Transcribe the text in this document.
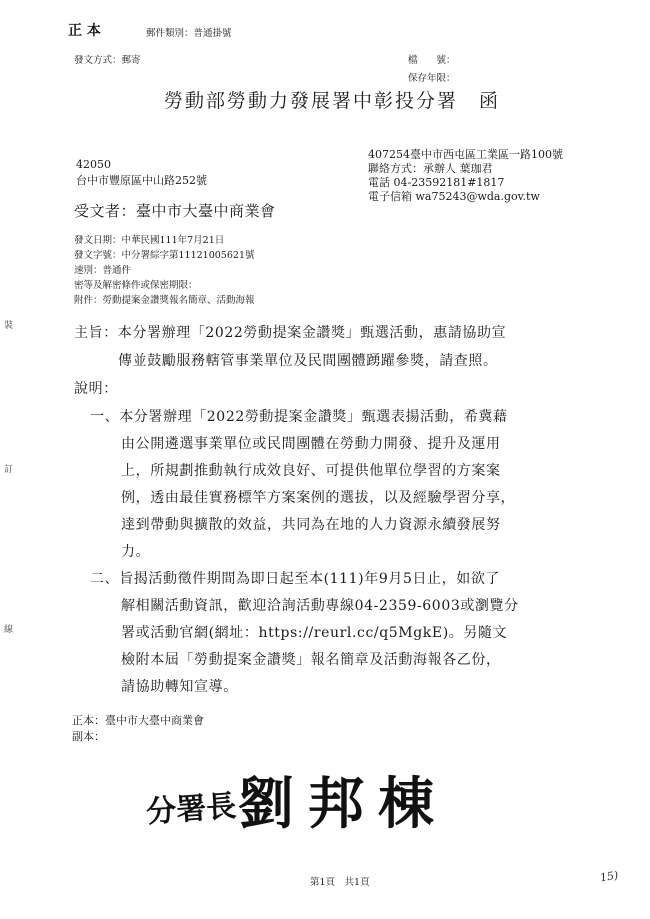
裝
訂
線
正 本	郵件類別：普通掛號
發文方式：郵寄	檔　　號：
保存年限：
勞動部勞動力發展署中彰投分署　函
407254臺中市西屯區工業區一路100號
聯絡方式：承辦人 葉珈君
電話 04-23592181#1817
電子信箱 wa75243@wda.gov.tw
42050
台中市豐原區中山路252號
受文者：臺中市大臺中商業會
發文日期：中華民國111年7月21日
發文字號：中分署綜字第11121005621號
速別：普通件
密等及解密條件或保密期限：
附件：勞動提案金讚獎報名簡章、活動海報
主旨：本分署辦理「2022勞動提案金讚獎」甄選活動，惠請協助宣
傳並鼓勵服務轄管事業單位及民間團體踴躍參獎，請查照。
說明：
一、本分署辦理「2022勞動提案金讚獎」甄選表揚活動，希冀藉
由公開遴選事業單位或民間團體在勞動力開發、提升及運用
上，所規劃推動執行成效良好、可提供他單位學習的方案案
例，透由最佳實務標竿方案案例的選拔，以及經驗學習分享，
達到帶動與擴散的效益，共同為在地的人力資源永續發展努
力。
二、旨揭活動徵件期間為即日起至本(111)年9月5日止，如欲了
解相關活動資訊，歡迎洽詢活動專線04-2359-6003或瀏覽分
署或活動官網(網址：https://reurl.cc/q5MgkE)。另隨文
檢附本屆「勞動提案金讚獎」報名簡章及活動海報各乙份，
請協助轉知宣導。
正本：臺中市大臺中商業會
副本：
分署長 劉邦棟
第1頁　共1頁	15)
